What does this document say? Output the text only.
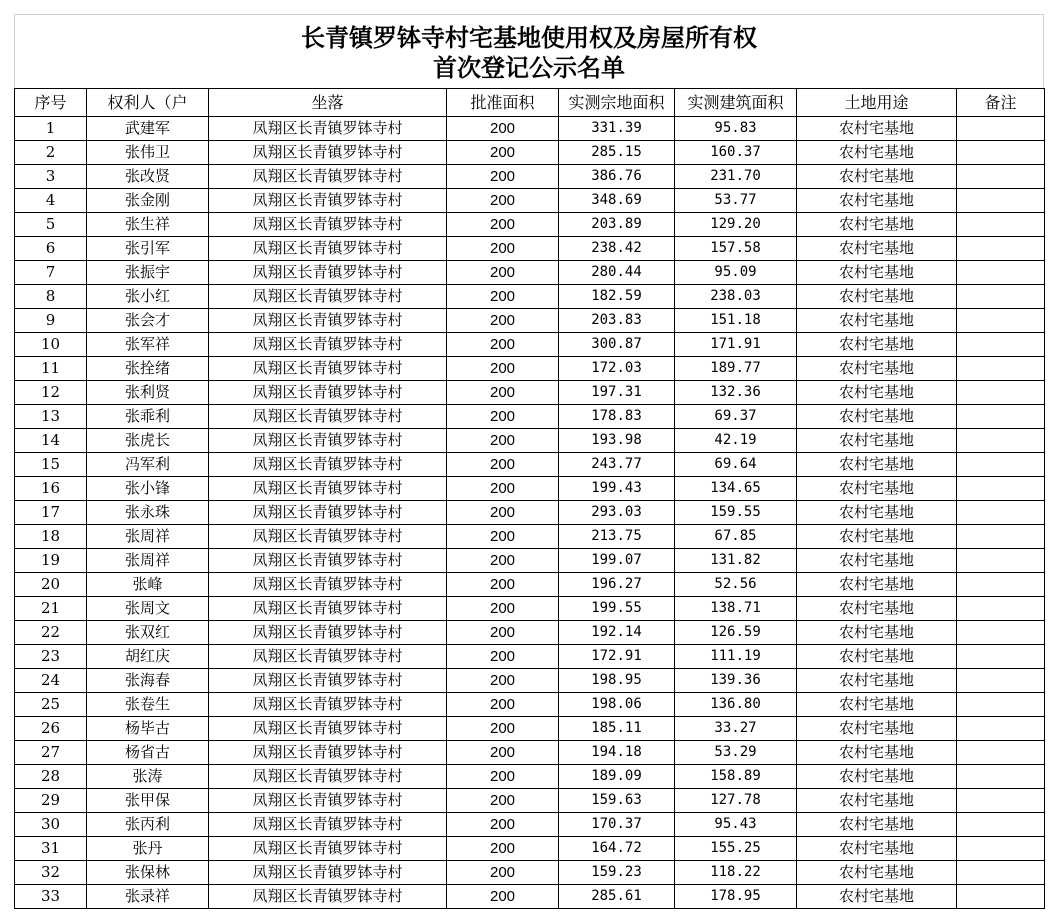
长青镇罗钵寺村宅基地使用权及房屋所有权
首次登记公示名单
序号	权利人（户	坐落	批准面积	实测宗地面积	实测建筑面积	土地用途	备注
1	武建军	凤翔区长青镇罗钵寺村	200	331.39	95.83	农村宅基地	
2	张伟卫	凤翔区长青镇罗钵寺村	200	285.15	160.37	农村宅基地	
3	张改贤	凤翔区长青镇罗钵寺村	200	386.76	231.70	农村宅基地	
4	张金刚	凤翔区长青镇罗钵寺村	200	348.69	53.77	农村宅基地	
5	张生祥	凤翔区长青镇罗钵寺村	200	203.89	129.20	农村宅基地	
6	张引军	凤翔区长青镇罗钵寺村	200	238.42	157.58	农村宅基地	
7	张振宇	凤翔区长青镇罗钵寺村	200	280.44	95.09	农村宅基地	
8	张小红	凤翔区长青镇罗钵寺村	200	182.59	238.03	农村宅基地	
9	张会才	凤翔区长青镇罗钵寺村	200	203.83	151.18	农村宅基地	
10	张军祥	凤翔区长青镇罗钵寺村	200	300.87	171.91	农村宅基地	
11	张拴绪	凤翔区长青镇罗钵寺村	200	172.03	189.77	农村宅基地	
12	张利贤	凤翔区长青镇罗钵寺村	200	197.31	132.36	农村宅基地	
13	张乖利	凤翔区长青镇罗钵寺村	200	178.83	69.37	农村宅基地	
14	张虎长	凤翔区长青镇罗钵寺村	200	193.98	42.19	农村宅基地	
15	冯军利	凤翔区长青镇罗钵寺村	200	243.77	69.64	农村宅基地	
16	张小锋	凤翔区长青镇罗钵寺村	200	199.43	134.65	农村宅基地	
17	张永珠	凤翔区长青镇罗钵寺村	200	293.03	159.55	农村宅基地	
18	张周祥	凤翔区长青镇罗钵寺村	200	213.75	67.85	农村宅基地	
19	张周祥	凤翔区长青镇罗钵寺村	200	199.07	131.82	农村宅基地	
20	张峰	凤翔区长青镇罗钵寺村	200	196.27	52.56	农村宅基地	
21	张周文	凤翔区长青镇罗钵寺村	200	199.55	138.71	农村宅基地	
22	张双红	凤翔区长青镇罗钵寺村	200	192.14	126.59	农村宅基地	
23	胡红庆	凤翔区长青镇罗钵寺村	200	172.91	111.19	农村宅基地	
24	张海春	凤翔区长青镇罗钵寺村	200	198.95	139.36	农村宅基地	
25	张卷生	凤翔区长青镇罗钵寺村	200	198.06	136.80	农村宅基地	
26	杨毕古	凤翔区长青镇罗钵寺村	200	185.11	33.27	农村宅基地	
27	杨省古	凤翔区长青镇罗钵寺村	200	194.18	53.29	农村宅基地	
28	张涛	凤翔区长青镇罗钵寺村	200	189.09	158.89	农村宅基地	
29	张甲保	凤翔区长青镇罗钵寺村	200	159.63	127.78	农村宅基地	
30	张丙利	凤翔区长青镇罗钵寺村	200	170.37	95.43	农村宅基地	
31	张丹	凤翔区长青镇罗钵寺村	200	164.72	155.25	农村宅基地	
32	张保林	凤翔区长青镇罗钵寺村	200	159.23	118.22	农村宅基地	
33	张录祥	凤翔区长青镇罗钵寺村	200	285.61	178.95	农村宅基地	
